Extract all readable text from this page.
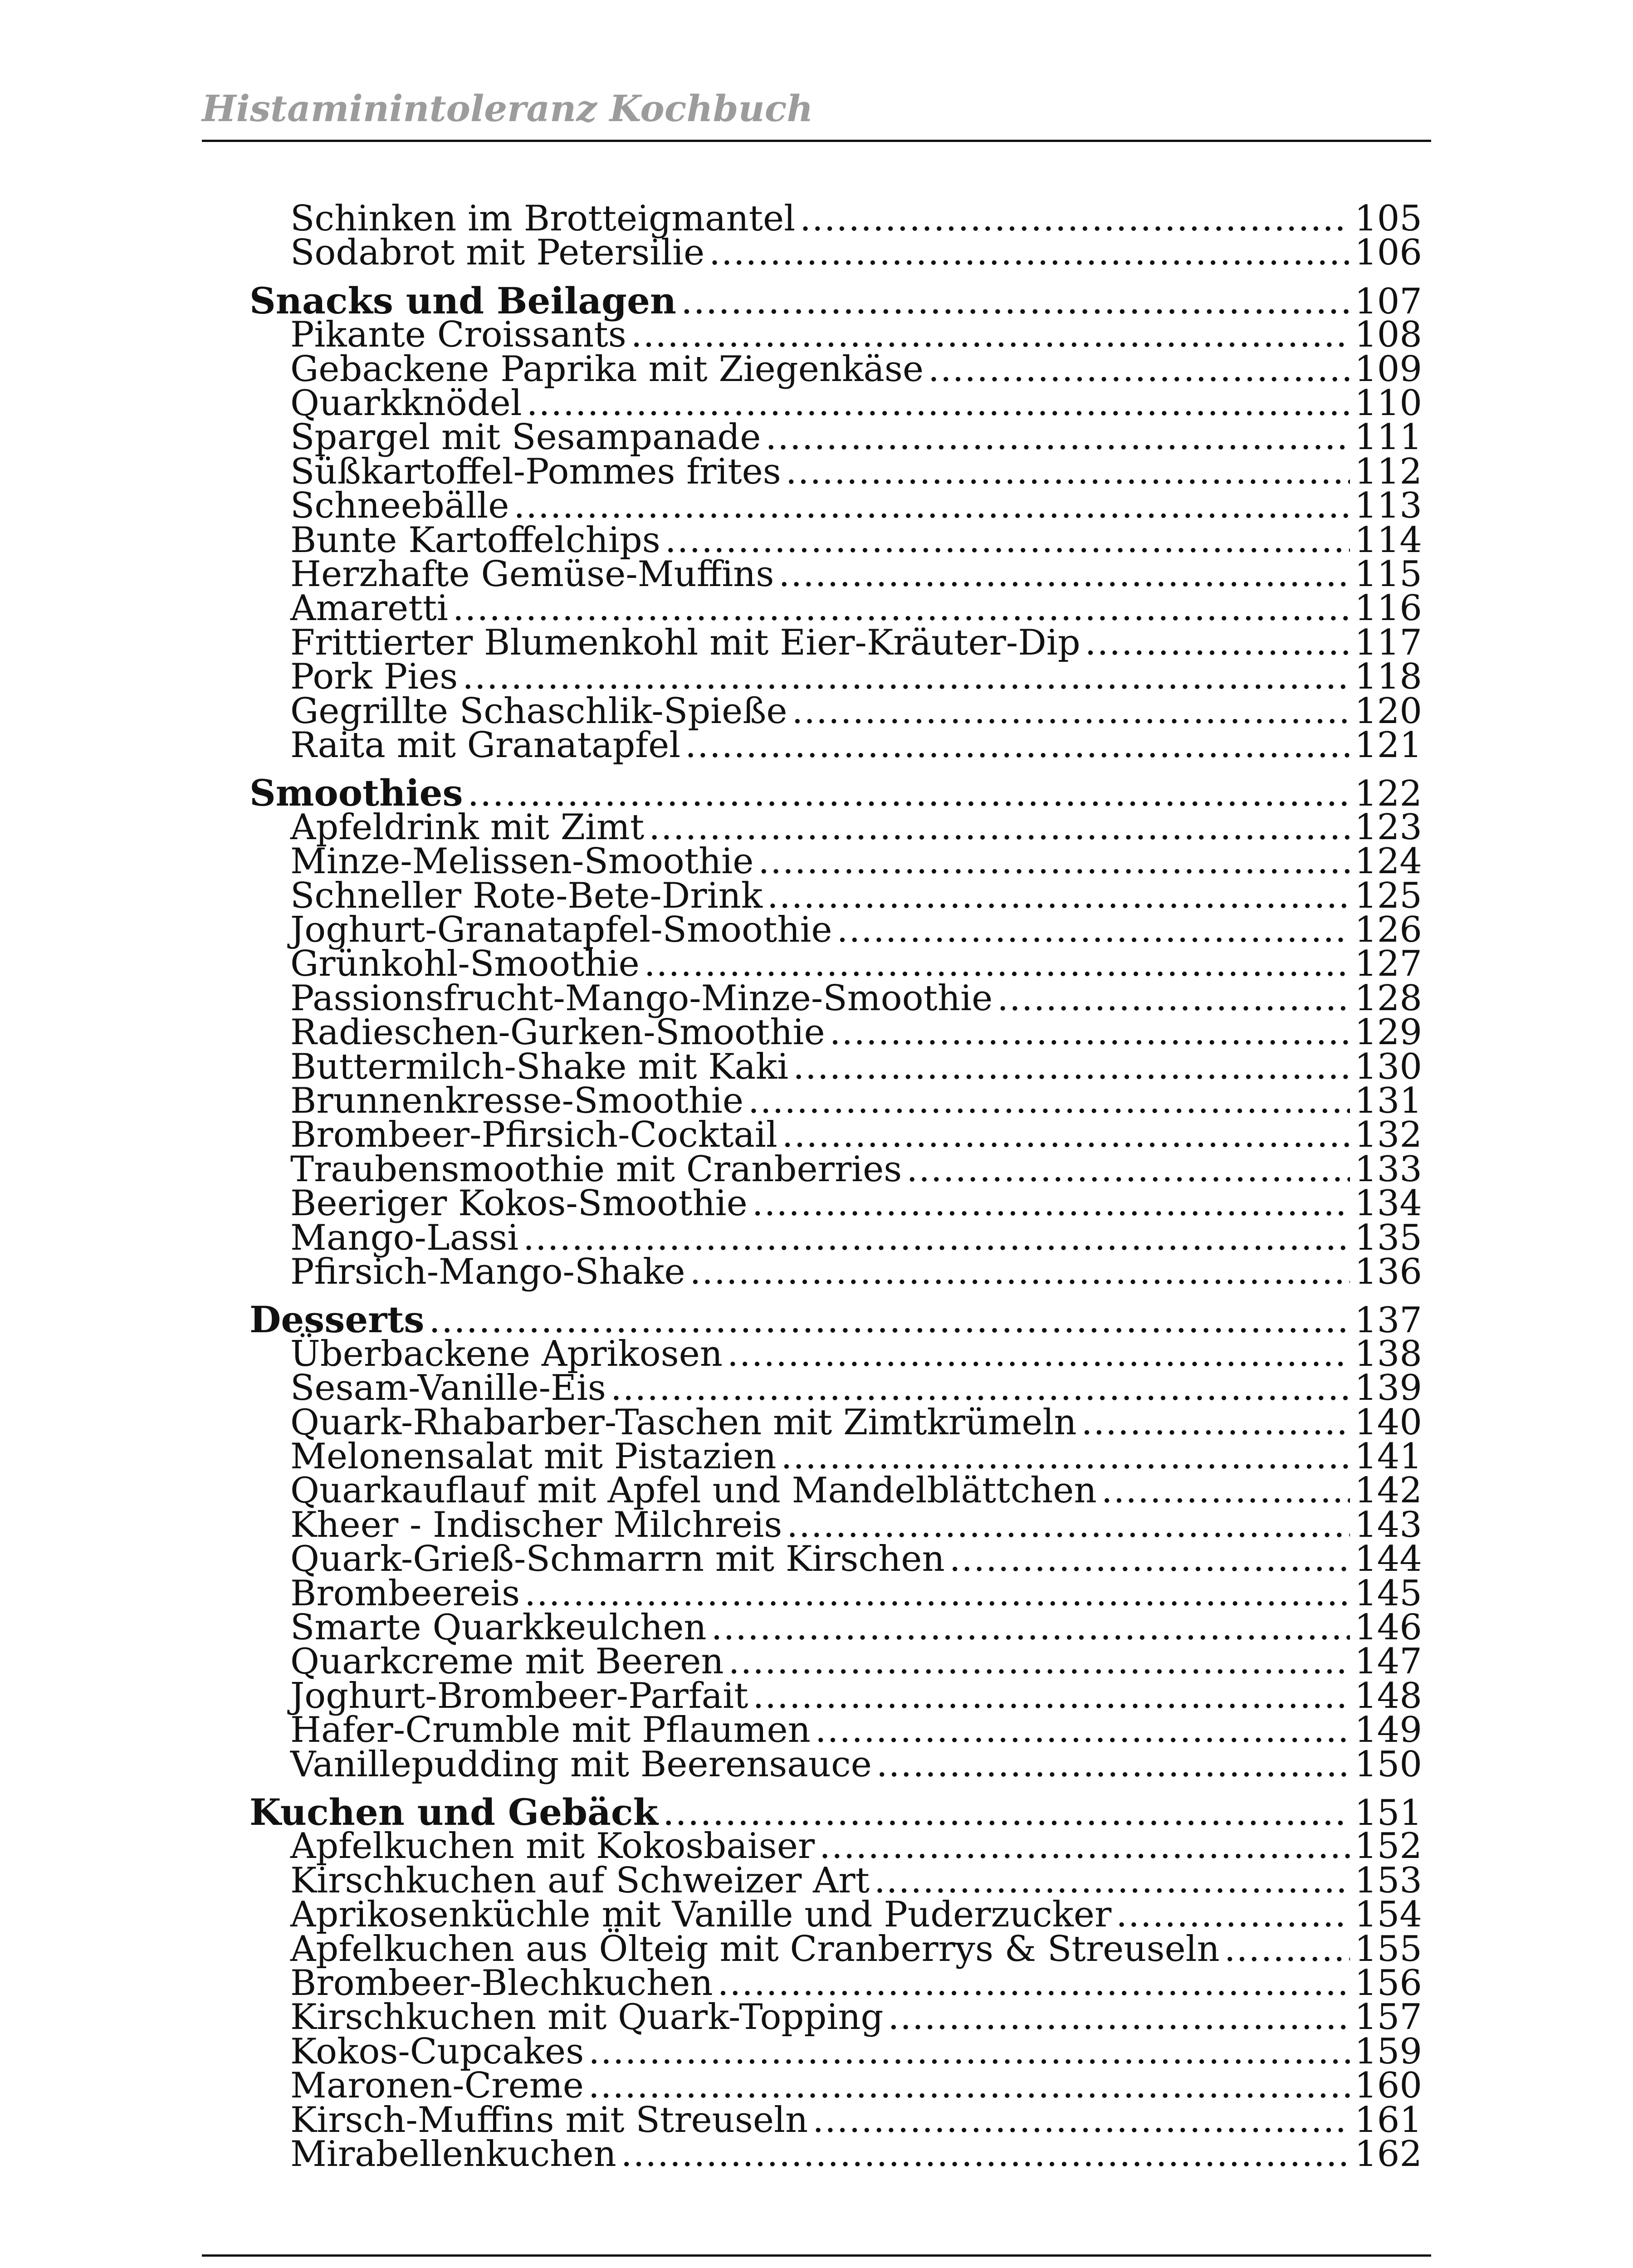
Histaminintoleranz Kochbuch
Schinken im Brotteigmantel .....	105
Sodabrot mit Petersilie .....	106
Snacks und Beilagen .....	107
Pikante Croissants .....	108
Gebackene Paprika mit Ziegenkäse .....	109
Quarkknödel .....	110
Spargel mit Sesampanade .....	111
Süßkartoffel-Pommes frites .....	112
Schneebälle .....	113
Bunte Kartoffelchips .....	114
Herzhafte Gemüse-Muffins .....	115
Amaretti .....	116
Frittierter Blumenkohl mit Eier-Kräuter-Dip .....	117
Pork Pies .....	118
Gegrillte Schaschlik-Spieße .....	120
Raita mit Granatapfel .....	121
Smoothies .....	122
Apfeldrink mit Zimt .....	123
Minze-Melissen-Smoothie .....	124
Schneller Rote-Bete-Drink .....	125
Joghurt-Granatapfel-Smoothie .....	126
Grünkohl-Smoothie .....	127
Passionsfrucht-Mango-Minze-Smoothie .....	128
Radieschen-Gurken-Smoothie .....	129
Buttermilch-Shake mit Kaki .....	130
Brunnenkresse-Smoothie .....	131
Brombeer-Pfirsich-Cocktail .....	132
Traubensmoothie mit Cranberries .....	133
Beeriger Kokos-Smoothie .....	134
Mango-Lassi .....	135
Pfirsich-Mango-Shake .....	136
Desserts .....	137
Überbackene Aprikosen .....	138
Sesam-Vanille-Eis .....	139
Quark-Rhabarber-Taschen mit Zimtkrümeln .....	140
Melonensalat mit Pistazien .....	141
Quarkauflauf mit Apfel und Mandelblättchen .....	142
Kheer - Indischer Milchreis .....	143
Quark-Grieß-Schmarrn mit Kirschen .....	144
Brombeereis .....	145
Smarte Quarkkeulchen .....	146
Quarkcreme mit Beeren .....	147
Joghurt-Brombeer-Parfait .....	148
Hafer-Crumble mit Pflaumen .....	149
Vanillepudding mit Beerensauce .....	150
Kuchen und Gebäck .....	151
Apfelkuchen mit Kokosbaiser .....	152
Kirschkuchen auf Schweizer Art .....	153
Aprikosenküchle mit Vanille und Puderzucker .....	154
Apfelkuchen aus Ölteig mit Cranberrys & Streuseln .....	155
Brombeer-Blechkuchen .....	156
Kirschkuchen mit Quark-Topping .....	157
Kokos-Cupcakes .....	159
Maronen-Creme .....	160
Kirsch-Muffins mit Streuseln .....	161
Mirabellenkuchen .....	162
